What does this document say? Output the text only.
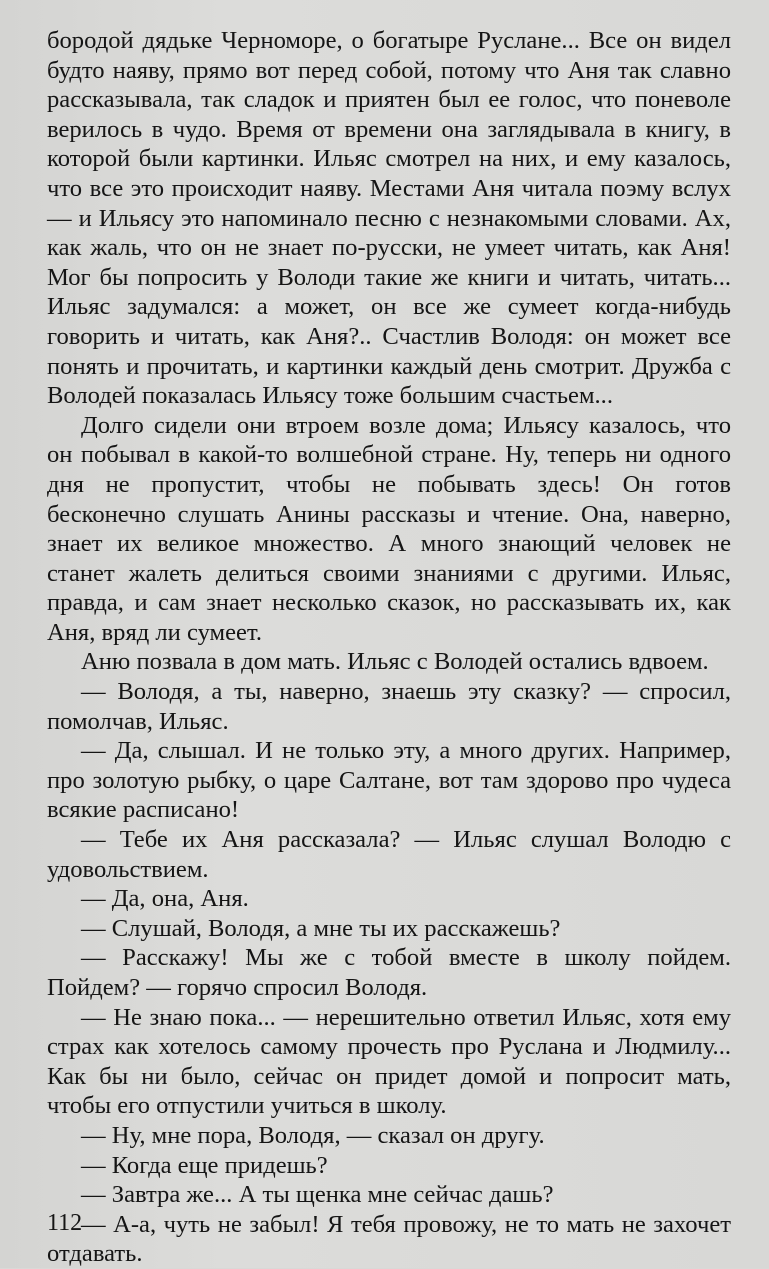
бородой дядьке Черноморе, о богатыре Руслане... Все он видел будто наяву, прямо вот перед собой, потому что Аня так славно рассказывала, так сладок и приятен был ее голос, что поневоле верилось в чудо. Время от времени она заглядывала в книгу, в которой были картинки. Ильяс смотрел на них, и ему казалось, что все это происходит наяву. Местами Аня читала поэму вслух — и Ильясу это напоминало песню с незнакомыми словами. Ах, как жаль, что он не знает по-русски, не умеет читать, как Аня! Мог бы попросить у Володи такие же книги и читать, читать... Ильяс задумался: а может, он все же сумеет когда-нибудь говорить и читать, как Аня?.. Счастлив Володя: он может все понять и прочитать, и картинки каждый день смотрит. Дружба с Володей показалась Ильясу тоже большим счастьем...

Долго сидели они втроем возле дома; Ильясу казалось, что он побывал в какой-то волшебной стране. Ну, теперь ни одного дня не пропустит, чтобы не побывать здесь! Он готов бесконечно слушать Анины рассказы и чтение. Она, наверно, знает их великое множество. А много знающий человек не станет жалеть делиться своими знаниями с другими. Ильяс, правда, и сам знает несколько сказок, но рассказывать их, как Аня, вряд ли сумеет.

Аню позвала в дом мать. Ильяс с Володей остались вдвоем.

— Володя, а ты, наверно, знаешь эту сказку? — спросил, помолчав, Ильяс.

— Да, слышал. И не только эту, а много других. Например, про золотую рыбку, о царе Салтане, вот там здорово про чудеса всякие расписано!

— Тебе их Аня рассказала? — Ильяс слушал Володю с удовольствием.

— Да, она, Аня.

— Слушай, Володя, а мне ты их расскажешь?

— Расскажу! Мы же с тобой вместе в школу пойдем. Пойдем? — горячо спросил Володя.

— Не знаю пока... — нерешительно ответил Ильяс, хотя ему страх как хотелось самому прочесть про Руслана и Людмилу... Как бы ни было, сейчас он придет домой и попросит мать, чтобы его отпустили учиться в школу.

— Ну, мне пора, Володя, — сказал он другу.

— Когда еще придешь?

— Завтра же... А ты щенка мне сейчас дашь?

— А-а, чуть не забыл! Я тебя провожу, не то мать не захочет отдавать.

112
